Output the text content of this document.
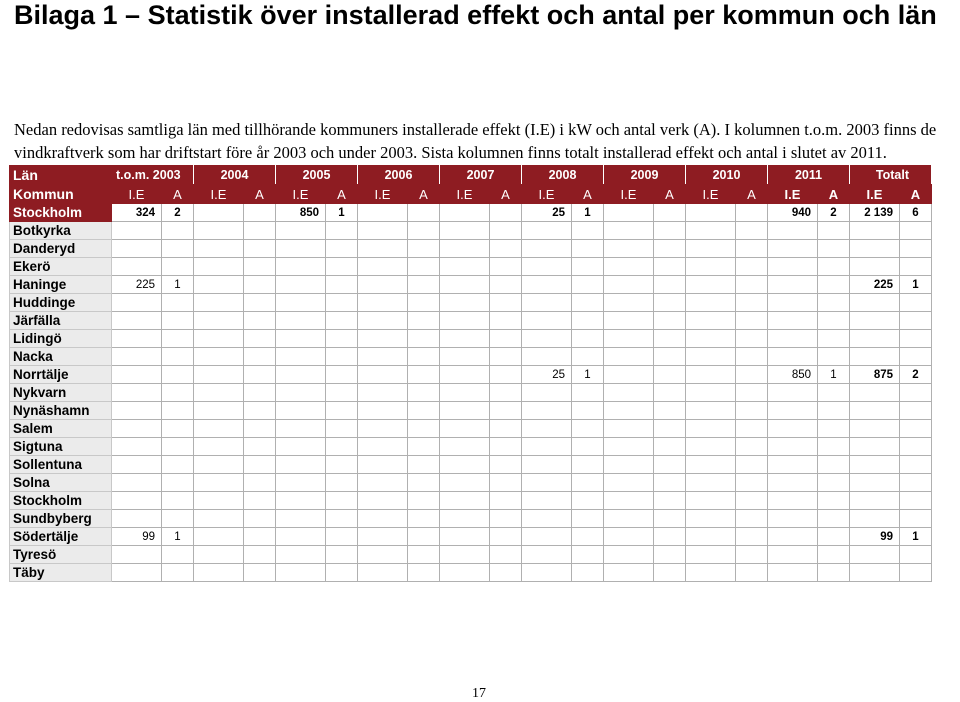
Bilaga 1 – Statistik över installerad effekt och antal per kommun och län

Nedan redovisas samtliga län med tillhörande kommuners installerade effekt (I.E) i kW och antal verk (A). I kolumnen t.o.m. 2003 finns de vindkraftverk som har driftstart före år 2003 och under 2003. Sista kolumnen finns totalt installerad effekt och antal i slutet av 2011.

Län	t.o.m. 2003		2004		2005		2006		2007		2008		2009		2010		2011		Totalt	
Kommun	I.E	A	I.E	A	I.E	A	I.E	A	I.E	A	I.E	A	I.E	A	I.E	A	I.E	A	I.E	A
Stockholm	324	2			850	1					25	1					940	2	2 139	6
Botkyrka																				
Danderyd																				
Ekerö																				
Haninge	225	1																	225	1
Huddinge																				
Järfälla																				
Lidingö																				
Nacka																				
Norrtälje											25	1					850	1	875	2
Nykvarn																				
Nynäshamn																				
Salem																				
Sigtuna																				
Sollentuna																				
Solna																				
Stockholm																				
Sundbyberg																				
Södertälje	99	1																	99	1
Tyresö																				
Täby																				
17
